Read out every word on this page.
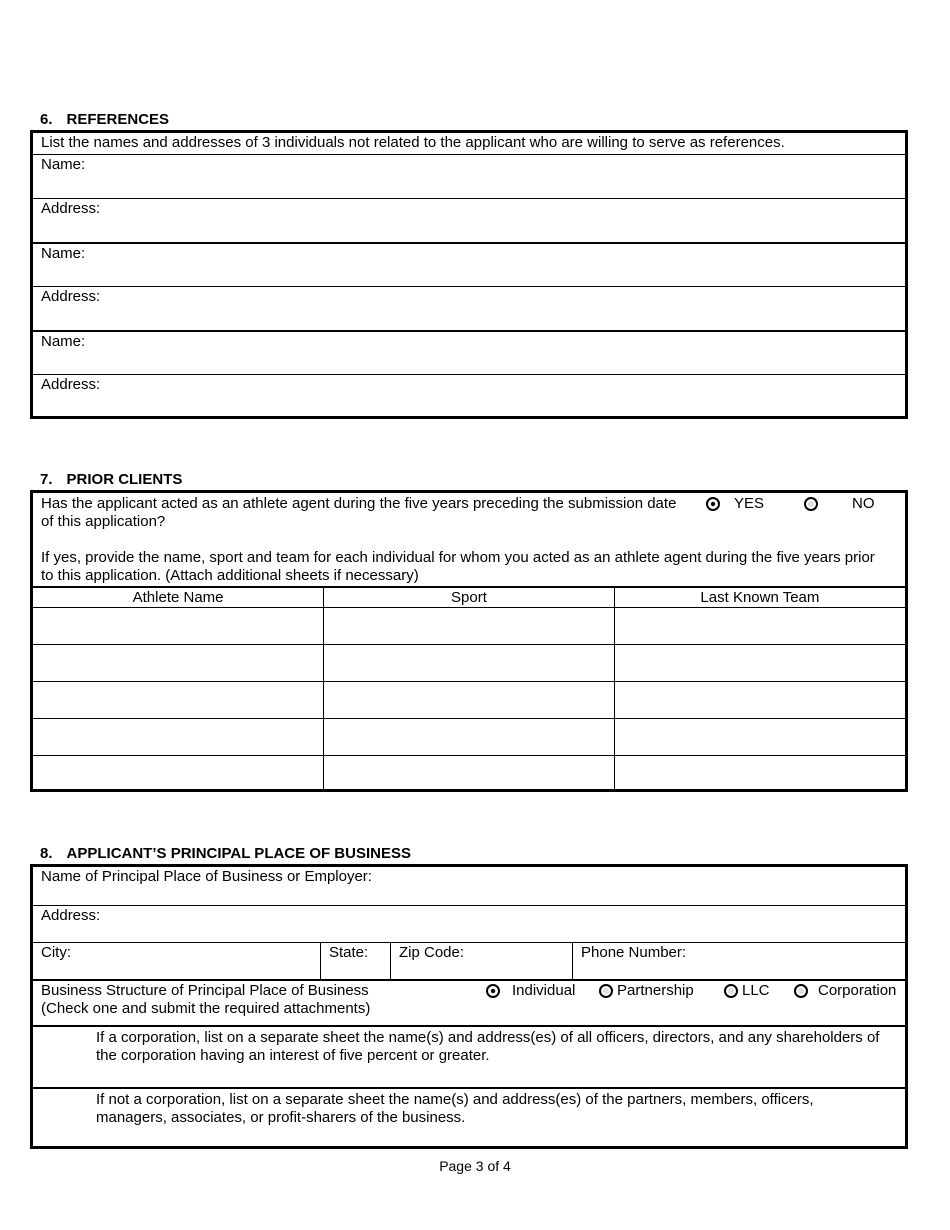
6. REFERENCES
List the names and addresses of 3 individuals not related to the applicant who are willing to serve as references.
Name:
Address:
Name:
Address:
Name:
Address:
7. PRIOR CLIENTS
Has the applicant acted as an athlete agent during the five years preceding the submission date of this application?
YES	NO
If yes, provide the name, sport and team for each individual for whom you acted as an athlete agent during the five years prior to this application. (Attach additional sheets if necessary)
Athlete Name	Sport	Last Known Team

8. APPLICANT’S PRINCIPAL PLACE OF BUSINESS
Name of Principal Place of Business or Employer:
Address:
City:	State: Zip Code:	Phone Number:
Business Structure of Principal Place of Business
(Check one and submit the required attachments)
Individual	Partnership	LLC	Corporation
If a corporation, list on a separate sheet the name(s) and address(es) of all officers, directors, and any shareholders of the corporation having an interest of five percent or greater.
If not a corporation, list on a separate sheet the name(s) and address(es) of the partners, members, officers, managers, associates, or profit-sharers of the business.
Page 3 of 4
